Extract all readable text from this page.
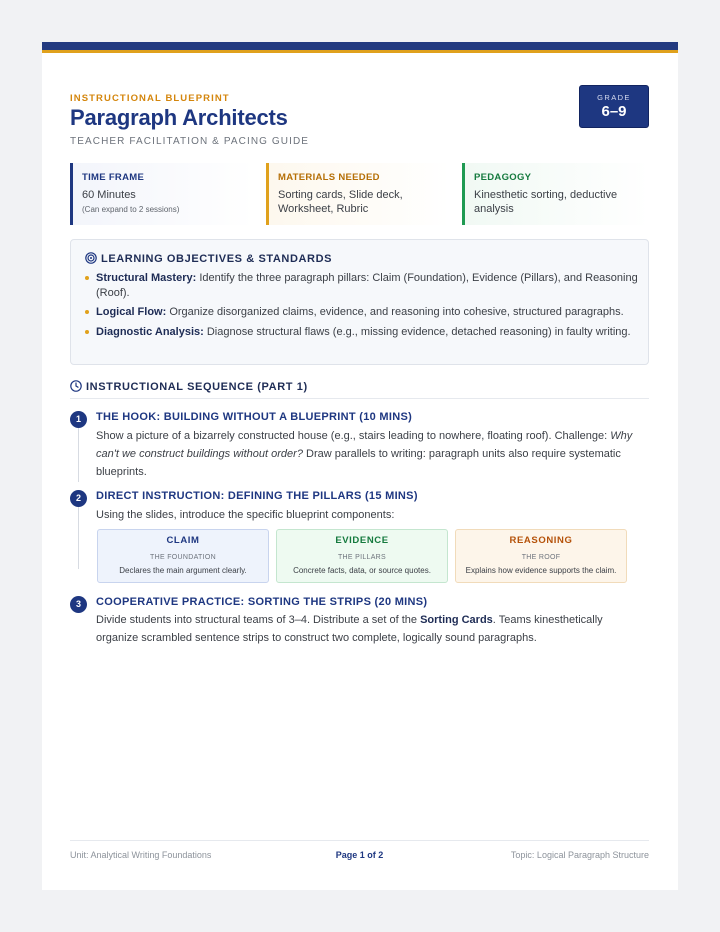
INSTRUCTIONAL BLUEPRINT
Paragraph Architects
TEACHER FACILITATION & PACING GUIDE
GRADE
6–9
TIME FRAME
60 Minutes
(Can expand to 2 sessions)
MATERIALS NEEDED
Sorting cards, Slide deck, Worksheet, Rubric
PEDAGOGY
Kinesthetic sorting, deductive analysis
LEARNING OBJECTIVES & STANDARDS
Structural Mastery: Identify the three paragraph pillars: Claim (Foundation), Evidence (Pillars), and Reasoning (Roof).
Logical Flow: Organize disorganized claims, evidence, and reasoning into cohesive, structured paragraphs.
Diagnostic Analysis: Diagnose structural flaws (e.g., missing evidence, detached reasoning) in faulty writing.
INSTRUCTIONAL SEQUENCE (PART 1)
1	THE HOOK: BUILDING WITHOUT A BLUEPRINT (10 MINS)
Show a picture of a bizarrely constructed house (e.g., stairs leading to nowhere, floating roof). Challenge: Why can't we construct buildings without order? Draw parallels to writing: paragraph units also require systematic blueprints.
2	DIRECT INSTRUCTION: DEFINING THE PILLARS (15 MINS)
Using the slides, introduce the specific blueprint components:
CLAIM
THE FOUNDATION
Declares the main argument clearly.
EVIDENCE
THE PILLARS
Concrete facts, data, or source quotes.
REASONING
THE ROOF
Explains how evidence supports the claim.
3	COOPERATIVE PRACTICE: SORTING THE STRIPS (20 MINS)
Divide students into structural teams of 3–4. Distribute a set of the Sorting Cards. Teams kinesthetically organize scrambled sentence strips to construct two complete, logically sound paragraphs.
Unit: Analytical Writing Foundations	Page 1 of 2	Topic: Logical Paragraph Structure
